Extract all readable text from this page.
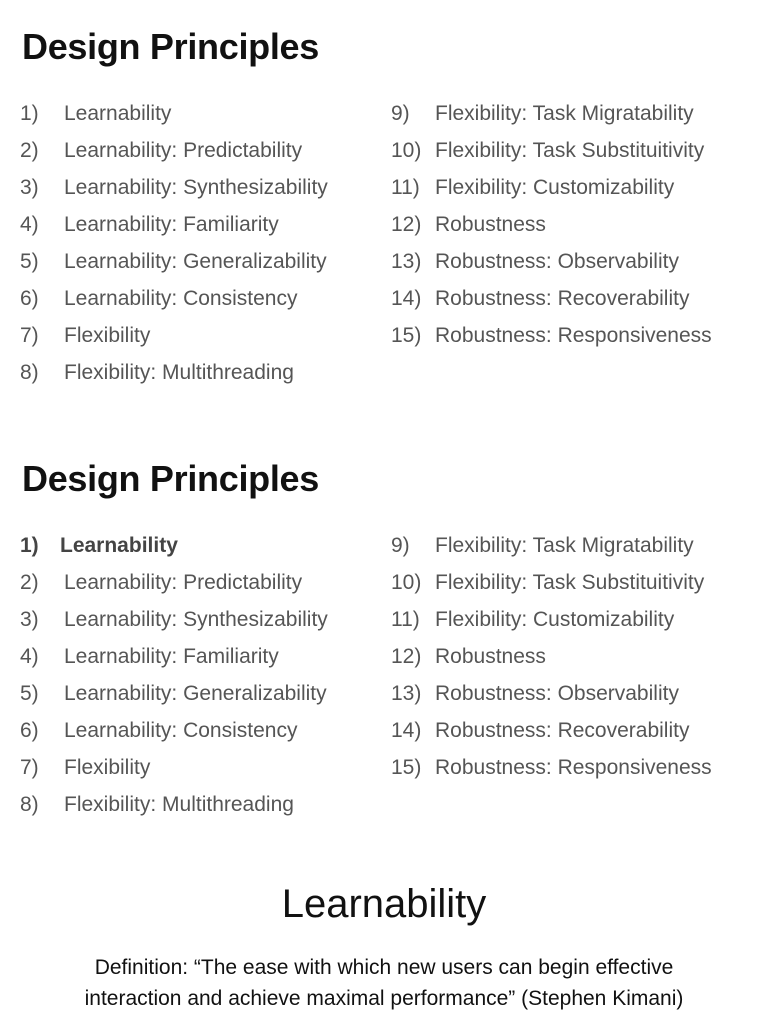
Design Principles
1)	Learnability
2)	Learnability: Predictability
3)	Learnability: Synthesizability
4)	Learnability: Familiarity
5)	Learnability: Generalizability
6)	Learnability: Consistency
7)	Flexibility
8)	Flexibility: Multithreading
9)	Flexibility: Task Migratability
10) Flexibility: Task Substituitivity
11) Flexibility: Customizability
12) Robustness
13) Robustness: Observability
14) Robustness: Recoverability
15) Robustness: Responsiveness
Design Principles
1)	Learnability
2)	Learnability: Predictability
3)	Learnability: Synthesizability
4)	Learnability: Familiarity
5)	Learnability: Generalizability
6)	Learnability: Consistency
7)	Flexibility
8)	Flexibility: Multithreading
9)	Flexibility: Task Migratability
10) Flexibility: Task Substituitivity
11) Flexibility: Customizability
12) Robustness
13) Robustness: Observability
14) Robustness: Recoverability
15) Robustness: Responsiveness
Learnability
Definition: “The ease with which new users can begin effective
interaction and achieve maximal performance” (Stephen Kimani)
